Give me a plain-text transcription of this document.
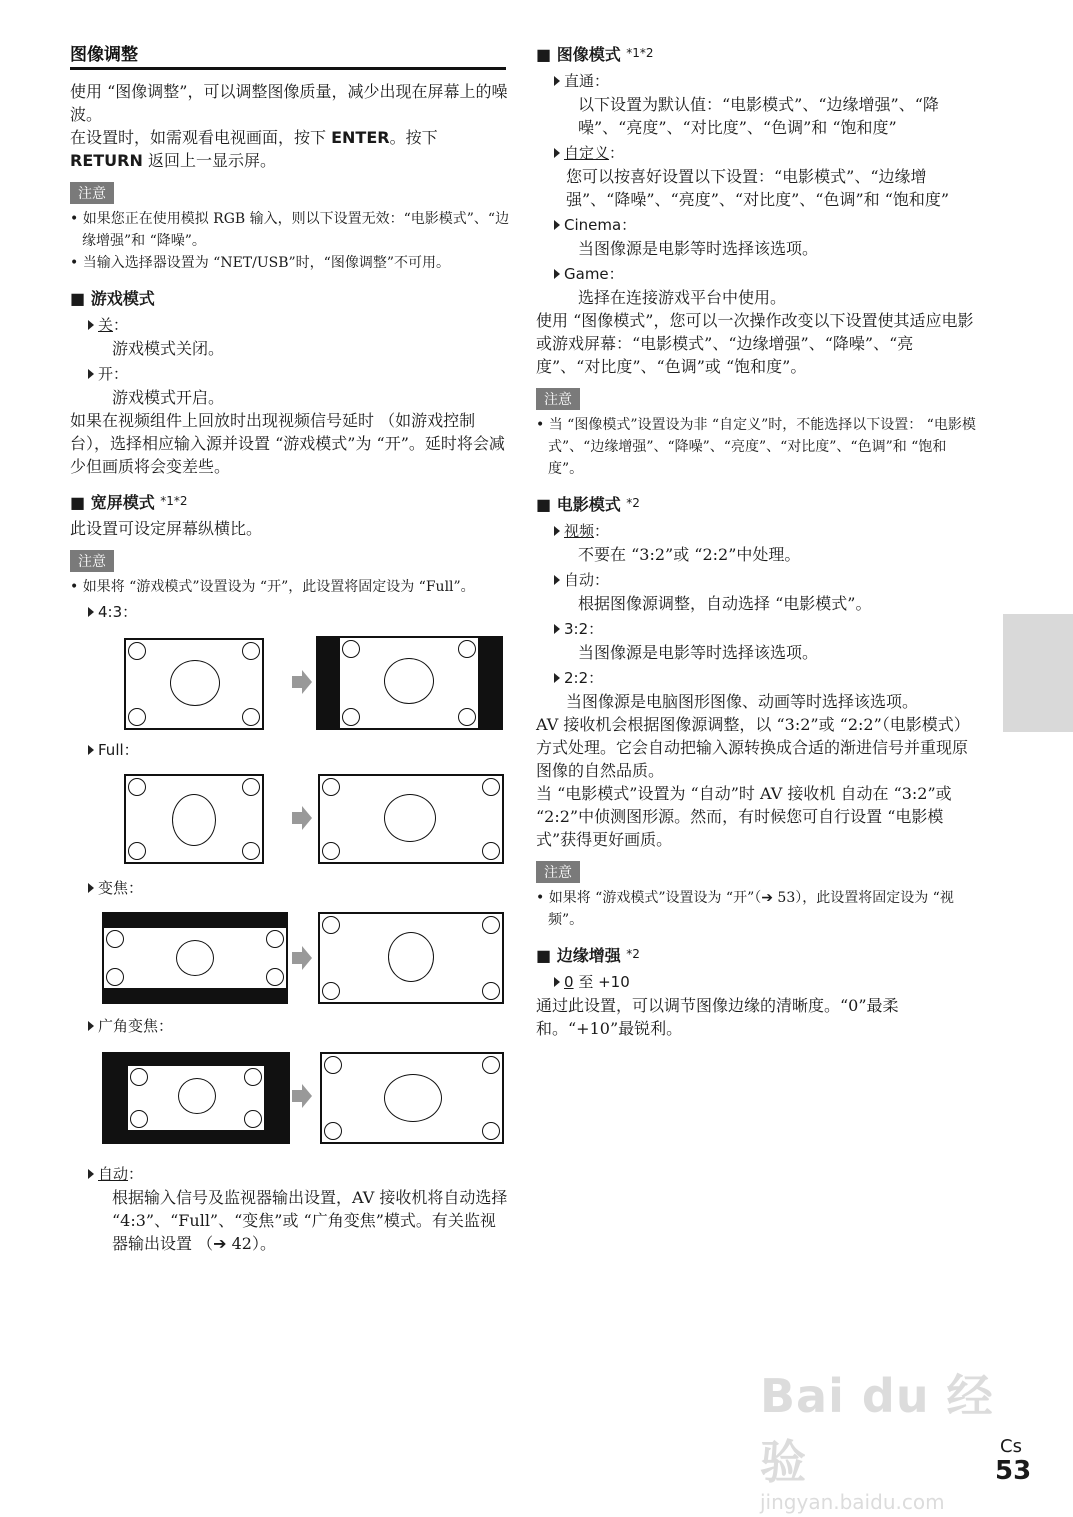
图像调整

使用 “图像调整”，可以调整图像质量，减少出现在屏幕上的噪波。

在设置时，如需观看电视画面，按下 ENTER。按下
RETURN 返回上一显示屏。

注意

• 如果您正在使用模拟 RGB 输入，则以下设置无效：“电影模式”、“边缘增强”和 “降噪”。

• 当输入选择器设置为 “NET/USB”时，“图像调整”不可用。

■ 游戏模式
关：

游戏模式关闭。

开：

游戏模式开启。

如果在视频组件上回放时出现视频信号延时 （如游戏控制台），选择相应输入源并设置 “游戏模式”为 “开”。延时将会减少但画质将会变差些。

■ 宽屏模式 $^{*1*2}$

此设置可设定屏幕纵横比。

注意

• 如果将 “游戏模式”设置设为 “开”，此设置将固定设为 “Full”。

4:3：
Full：
变焦：
广角变焦：
自动：

根据输入信号及监视器输出设置，AV 接收机将自动选择 “4:3”、“Full”、“变焦”或 “广角变焦”模式。有关监视器输出设置 （➔ 42）。

■ 图像模式 $^{*1*2}$
直通：

以下设置为默认值：“电影模式”、“边缘增强”、“降噪”、“亮度”、“对比度”、“色调”和 “饱和度”

自定义：

您可以按喜好设置以下设置：“电影模式”、“边缘增强”、“降噪”、“亮度”、“对比度”、“色调”和 “饱和度”

Cinema：

当图像源是电影等时选择该选项。

Game：

选择在连接游戏平台中使用。

使用 “图像模式”，您可以一次操作改变以下设置使其适应电影或游戏屏幕：“电影模式”、“边缘增强”、“降噪”、“亮度”、“对比度”、“色调”或 “饱和度”。

注意

• 当 “图像模式”设置设为非 “自定义”时，不能选择以下设置： “电影模式”、“边缘增强”、“降噪”、“亮度”、“对比度”、“色调”和 “饱和度”。

■ 电影模式 $^{*2}$
视频：

不要在 “3:2”或 “2:2”中处理。

自动：

根据图像源调整，自动选择 “电影模式”。

3:2：

当图像源是电影等时选择该选项。

2:2：

当图像源是电脑图形图像、动画等时选择该选项。

AV 接收机会根据图像源调整，以 “3:2”或 “2:2”（电影模式）方式处理。它会自动把输入源转换成合适的渐进信号并重现原图像的自然品质。

当 “电影模式”设置为 “自动”时 AV 接收机 自动在 “3:2”或 “2:2”中侦测图形源。然而，有时候您可自行设置 “电影模式”获得更好画质。

注意

• 如果将 “游戏模式”设置设为 “开”（➔ 53），此设置将固定设为 “视频”。

■ 边缘增强 $^{*2}$
0 至 +10

通过此设置，可以调节图像边缘的清晰度。“0”最柔和。“+10”最锐利。

Bai du 经验
jingyan.baidu.com
Cs
53
